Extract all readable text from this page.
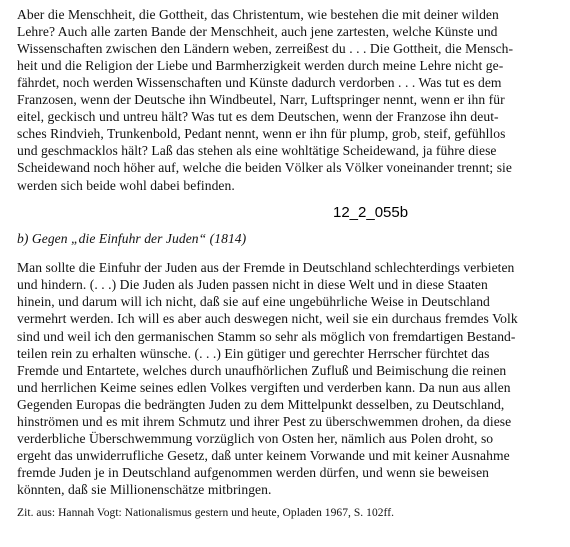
Aber die Menschheit, die Gottheit, das Christentum, wie bestehen die mit deiner wilden
Lehre? Auch alle zarten Bande der Menschheit, auch jene zartesten, welche Künste und
Wissenschaften zwischen den Ländern weben, zerreißest du . . . Die Gottheit, die Mensch-
heit und die Religion der Liebe und Barmherzigkeit werden durch meine Lehre nicht ge-
fährdet, noch werden Wissenschaften und Künste dadurch verdorben . . . Was tut es dem
Franzosen, wenn der Deutsche ihn Windbeutel, Narr, Luftspringer nennt, wenn er ihn für
eitel, geckisch und untreu hält? Was tut es dem Deutschen, wenn der Franzose ihn deut-
sches Rindvieh, Trunkenbold, Pedant nennt, wenn er ihn für plump, grob, steif, gefühllos
und geschmacklos hält? Laß das stehen als eine wohltätige Scheidewand, ja führe diese
Scheidewand noch höher auf, welche die beiden Völker als Völker voneinander trennt; sie
werden sich beide wohl dabei befinden.
12_2_055b
b) Gegen „die Einfuhr der Juden“ (1814)
Man sollte die Einfuhr der Juden aus der Fremde in Deutschland schlechterdings verbieten
und hindern. (. . .) Die Juden als Juden passen nicht in diese Welt und in diese Staaten
hinein, und darum will ich nicht, daß sie auf eine ungebührliche Weise in Deutschland
vermehrt werden. Ich will es aber auch deswegen nicht, weil sie ein durchaus fremdes Volk
sind und weil ich den germanischen Stamm so sehr als möglich von fremdartigen Bestand-
teilen rein zu erhalten wünsche. (. . .) Ein gütiger und gerechter Herrscher fürchtet das
Fremde und Entartete, welches durch unaufhörlichen Zufluß und Beimischung die reinen
und herrlichen Keime seines edlen Volkes vergiften und verderben kann. Da nun aus allen
Gegenden Europas die bedrängten Juden zu dem Mittelpunkt desselben, zu Deutschland,
hinströmen und es mit ihrem Schmutz und ihrer Pest zu überschwemmen drohen, da diese
verderbliche Überschwemmung vorzüglich von Osten her, nämlich aus Polen droht, so
ergeht das unwiderrufliche Gesetz, daß unter keinem Vorwande und mit keiner Ausnahme
fremde Juden je in Deutschland aufgenommen werden dürfen, und wenn sie beweisen
könnten, daß sie Millionenschätze mitbringen.
Zit. aus: Hannah Vogt: Nationalismus gestern und heute, Opladen 1967, S. 102ff.
